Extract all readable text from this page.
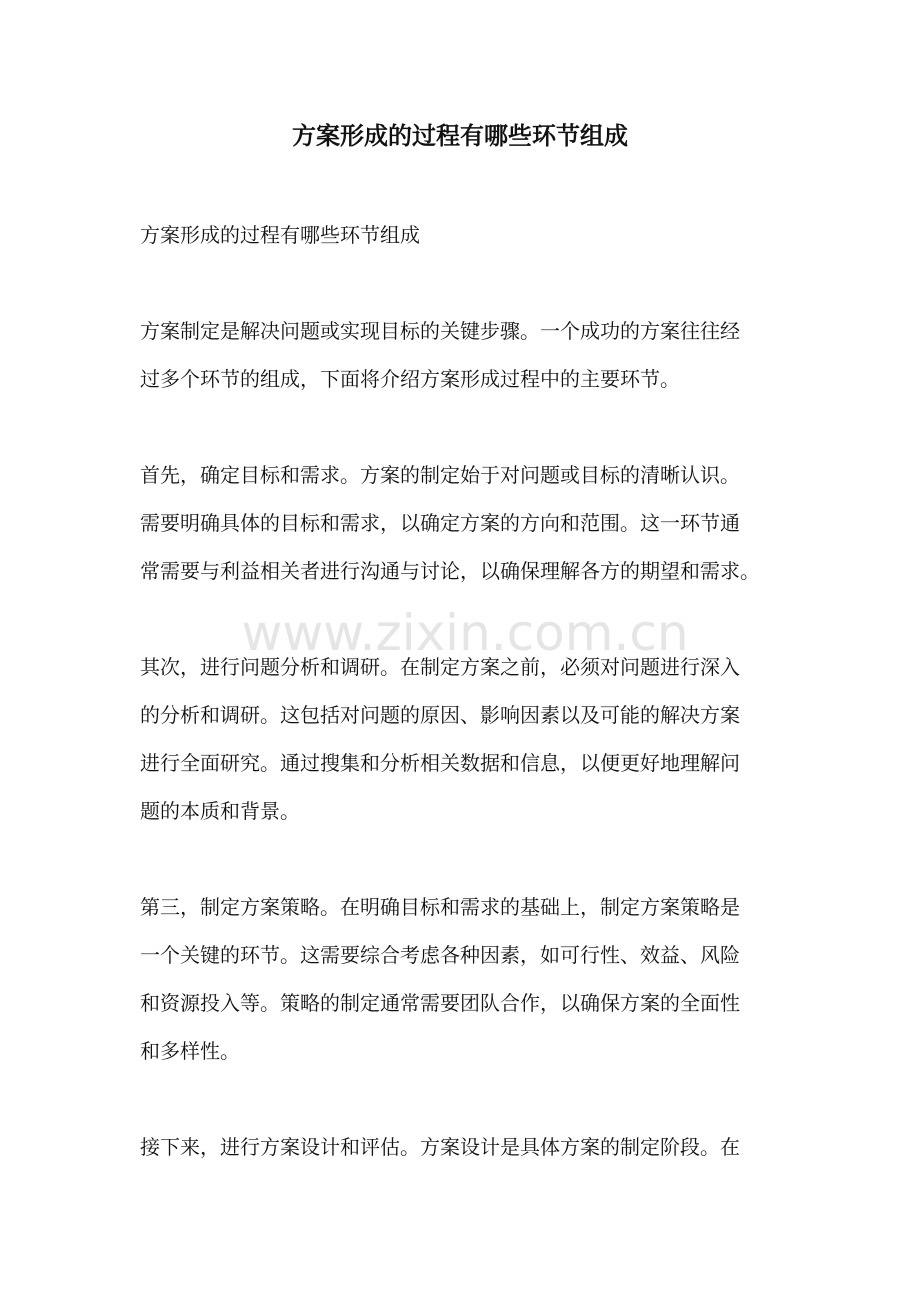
方案形成的过程有哪些环节组成

方案形成的过程有哪些环节组成

方案制定是解决问题或实现目标的关键步骤。一个成功的方案往往经
过多个环节的组成，下面将介绍方案形成过程中的主要环节。

首先，确定目标和需求。方案的制定始于对问题或目标的清晰认识。
需要明确具体的目标和需求，以确定方案的方向和范围。这一环节通
常需要与利益相关者进行沟通与讨论，以确保理解各方的期望和需求。

其次，进行问题分析和调研。在制定方案之前，必须对问题进行深入
的分析和调研。这包括对问题的原因、影响因素以及可能的解决方案
进行全面研究。通过搜集和分析相关数据和信息，以便更好地理解问
题的本质和背景。

第三，制定方案策略。在明确目标和需求的基础上，制定方案策略是
一个关键的环节。这需要综合考虑各种因素，如可行性、效益、风险
和资源投入等。策略的制定通常需要团队合作，以确保方案的全面性
和多样性。

接下来，进行方案设计和评估。方案设计是具体方案的制定阶段。在

www.zixin.com.cn
